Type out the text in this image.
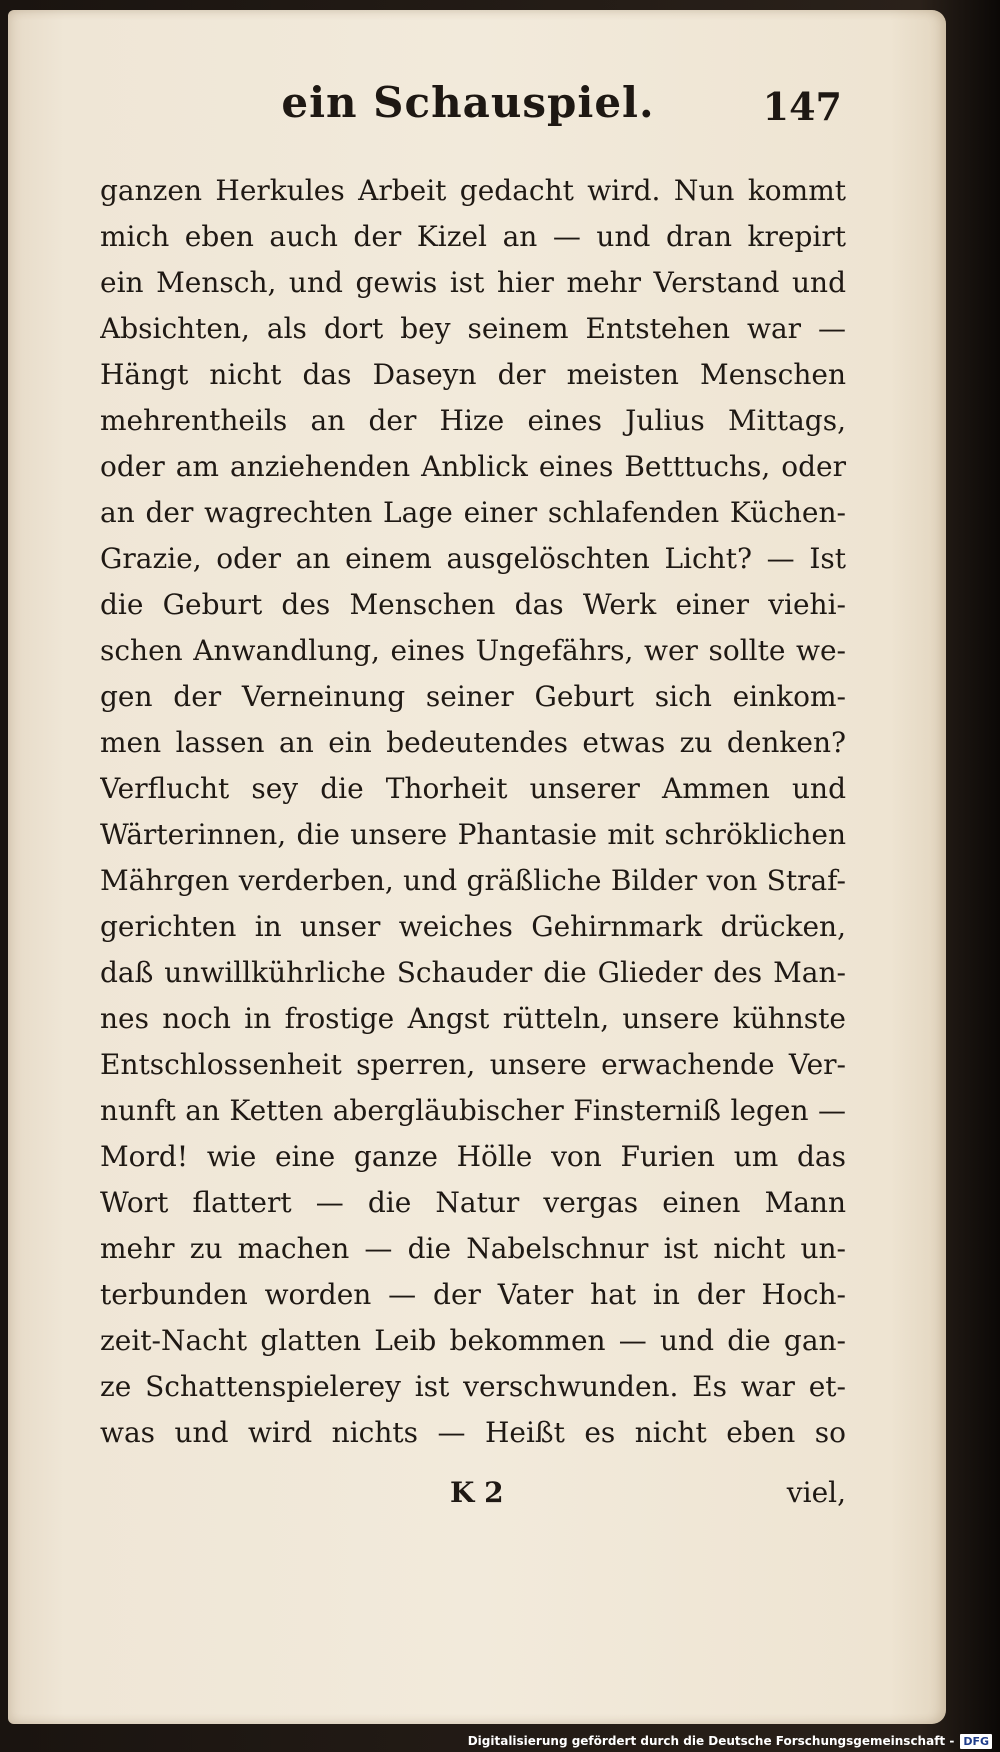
ein Schauspiel.	147
ganzen Herkules Arbeit gedacht wird. Nun kommt
mich eben auch der Kizel an — und dran krepirt
ein Mensch, und gewis ist hier mehr Verstand und
Absichten, als dort bey seinem Entstehen war —
Hängt nicht das Daseyn der meisten Menschen
mehrentheils an der Hize eines Julius Mittags,
oder am anziehenden Anblick eines Betttuchs, oder
an der wagrechten Lage einer schlafenden Küchen-
Grazie, oder an einem ausgelöschten Licht? — Ist
die Geburt des Menschen das Werk einer viehi-
schen Anwandlung, eines Ungefährs, wer sollte we-
gen der Verneinung seiner Geburt sich einkom-
men lassen an ein bedeutendes etwas zu denken?
Verflucht sey die Thorheit unserer Ammen und
Wärterinnen, die unsere Phantasie mit schröklichen
Mährgen verderben, und gräßliche Bilder von Straf-
gerichten in unser weiches Gehirnmark drücken,
daß unwillkührliche Schauder die Glieder des Man-
nes noch in frostige Angst rütteln, unsere kühnste
Entschlossenheit sperren, unsere erwachende Ver-
nunft an Ketten abergläubischer Finsterniß legen —
Mord! wie eine ganze Hölle von Furien um das
Wort flattert — die Natur vergas einen Mann
mehr zu machen — die Nabelschnur ist nicht un-
terbunden worden — der Vater hat in der Hoch-
zeit-Nacht glatten Leib bekommen — und die gan-
ze Schattenspielerey ist verschwunden. Es war et-
was und wird nichts — Heißt es nicht eben so
K 2	viel,
Digitalisierung gefördert durch die Deutsche Forschungsgemeinschaft - DFG
